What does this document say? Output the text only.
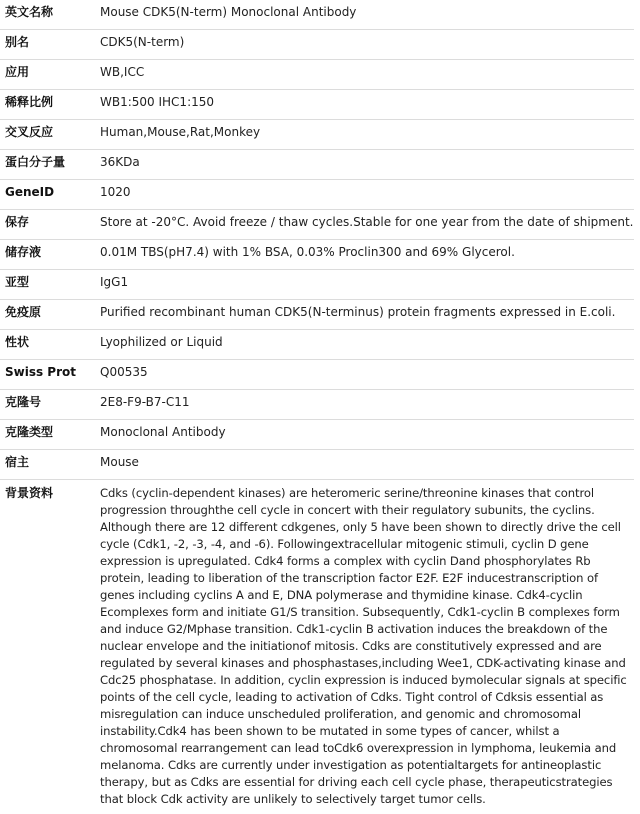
英文名称	Mouse CDK5(N-term) Monoclonal Antibody

别名	CDK5(N-term)

应用	WB,ICC

稀释比例	WB1:500 IHC1:150

交叉反应	Human,Mouse,Rat,Monkey

蛋白分子量	36KDa

GeneID	1020

保存	Store at -20°C. Avoid freeze / thaw cycles.Stable for one year from the date of shipment.

储存液	0.01M TBS(pH7.4) with 1% BSA, 0.03% Proclin300 and 69% Glycerol.

亚型	IgG1

免疫原	Purified recombinant human CDK5(N-terminus) protein fragments expressed in E.coli.

性状	Lyophilized or Liquid

Swiss Prot	Q00535

克隆号	2E8-F9-B7-C11

克隆类型	Monoclonal Antibody

宿主	Mouse

背景资料	Cdks (cyclin-dependent kinases) are heteromeric serine/threonine kinases that control progression throughthe cell cycle in concert with their regulatory subunits, the cyclins. Although there are 12 different cdkgenes, only 5 have been shown to directly drive the cell cycle (Cdk1, -2, -3, -4, and -6). Followingextracellular mitogenic stimuli, cyclin D gene expression is upregulated. Cdk4 forms a complex with cyclin Dand phosphorylates Rb protein, leading to liberation of the transcription factor E2F. E2F inducestranscription of genes including cyclins A and E, DNA polymerase and thymidine kinase. Cdk4-cyclin Ecomplexes form and initiate G1/S transition. Subsequently, Cdk1-cyclin B complexes form and induce G2/Mphase transition. Cdk1-cyclin B activation induces the breakdown of the nuclear envelope and the initiationof mitosis. Cdks are constitutively expressed and are regulated by several kinases and phosphastases,including Wee1, CDK-activating kinase and Cdc25 phosphatase. In addition, cyclin expression is induced bymolecular signals at specific points of the cell cycle, leading to activation of Cdks. Tight control of Cdksis essential as misregulation can induce unscheduled proliferation, and genomic and chromosomal instability.Cdk4 has been shown to be mutated in some types of cancer, whilst a chromosomal rearrangement can lead toCdk6 overexpression in lymphoma, leukemia and melanoma. Cdks are currently under investigation as potentialtargets for antineoplastic therapy, but as Cdks are essential for driving each cell cycle phase, therapeuticstrategies that block Cdk activity are unlikely to selectively target tumor cells.
